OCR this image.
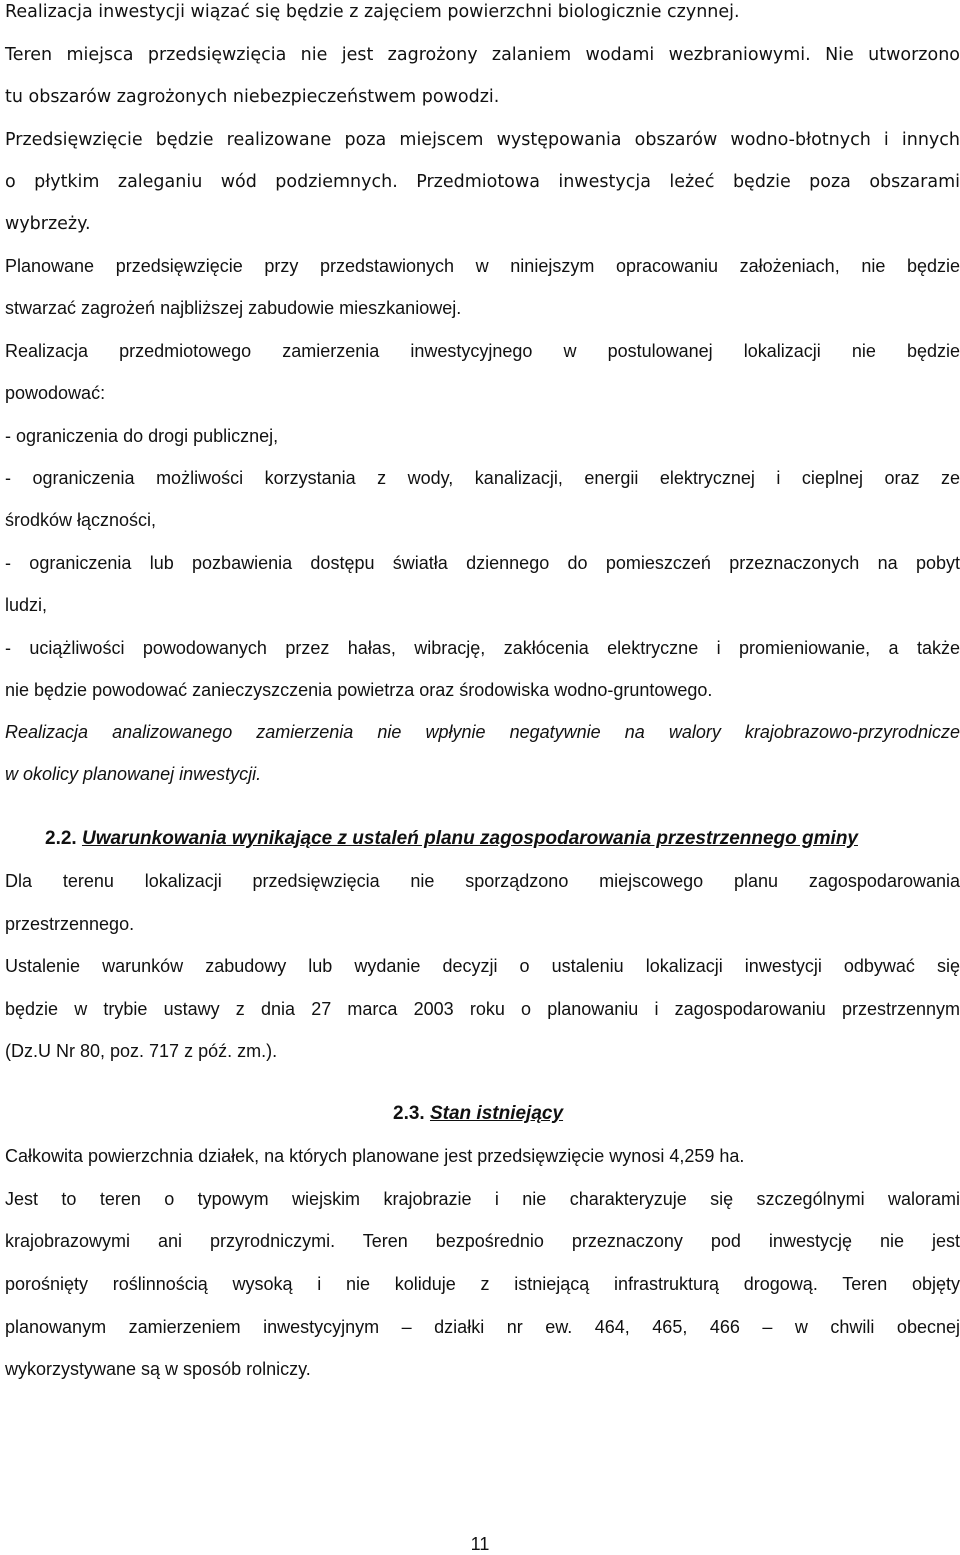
Realizacja inwestycji wiązać się będzie z zajęciem powierzchni biologicznie czynnej.

Teren miejsca przedsięwzięcia nie jest zagrożony zalaniem wodami wezbraniowymi. Nie utworzono

tu obszarów zagrożonych niebezpieczeństwem powodzi.

Przedsięwzięcie będzie realizowane poza miejscem występowania obszarów wodno-błotnych i innych

o płytkim zaleganiu wód podziemnych. Przedmiotowa inwestycja leżeć będzie poza obszarami

wybrzeży.

Planowane przedsięwzięcie przy przedstawionych w niniejszym opracowaniu założeniach, nie będzie

stwarzać zagrożeń najbliższej zabudowie mieszkaniowej.

Realizacja przedmiotowego zamierzenia inwestycyjnego w postulowanej lokalizacji nie będzie

powodować:

- ograniczenia do drogi publicznej,

- ograniczenia możliwości korzystania z wody, kanalizacji, energii elektrycznej i cieplnej oraz ze

środków łączności,

- ograniczenia lub pozbawienia dostępu światła dziennego do pomieszczeń przeznaczonych na pobyt

ludzi,

- uciążliwości powodowanych przez hałas, wibrację, zakłócenia elektryczne i promieniowanie, a także

nie będzie powodować zanieczyszczenia powietrza oraz środowiska wodno-gruntowego.

Realizacja analizowanego zamierzenia nie wpłynie negatywnie na walory krajobrazowo-przyrodnicze

w okolicy planowanej inwestycji.

2.2. Uwarunkowania wynikające z ustaleń planu zagospodarowania przestrzennego gminy

Dla terenu lokalizacji przedsięwzięcia nie sporządzono miejscowego planu zagospodarowania

przestrzennego.

Ustalenie warunków zabudowy lub wydanie decyzji o ustaleniu lokalizacji inwestycji odbywać się

będzie w trybie ustawy z dnia 27 marca 2003 roku o planowaniu i zagospodarowaniu przestrzennym

(Dz.U Nr 80, poz. 717 z póź. zm.).

2.3. Stan istniejący

Całkowita powierzchnia działek, na których planowane jest przedsięwzięcie wynosi 4,259 ha.

Jest to teren o typowym wiejskim krajobrazie i nie charakteryzuje się szczególnymi walorami

krajobrazowymi ani przyrodniczymi. Teren bezpośrednio przeznaczony pod inwestycję nie jest

porośnięty roślinnością wysoką i nie koliduje z istniejącą infrastrukturą drogową. Teren objęty

planowanym zamierzeniem inwestycyjnym – działki nr ew. 464, 465, 466 – w chwili obecnej

wykorzystywane są w sposób rolniczy.

11
